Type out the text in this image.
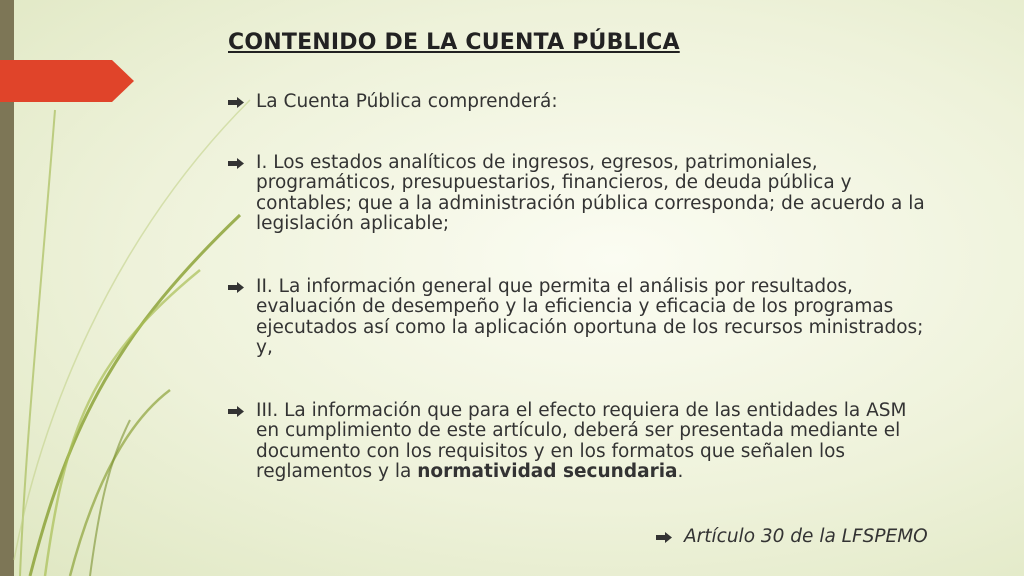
CONTENIDO DE LA CUENTA PÚBLICA
La Cuenta Pública comprenderá:
I. Los estados analíticos de ingresos, egresos, patrimoniales, programáticos, presupuestarios, financieros, de deuda pública y contables; que a la administración pública corresponda; de acuerdo a la legislación aplicable;
II. La información general que permita el análisis por resultados, evaluación de desempeño y la eficiencia y eficacia de los programas ejecutados así como la aplicación oportuna de los recursos ministrados; y,
III. La información que para el efecto requiera de las entidades la ASM en cumplimiento de este artículo, deberá ser presentada mediante el documento con los requisitos y en los formatos que señalen los reglamentos y la normatividad secundaria.
Artículo 30 de la LFSPEMO
